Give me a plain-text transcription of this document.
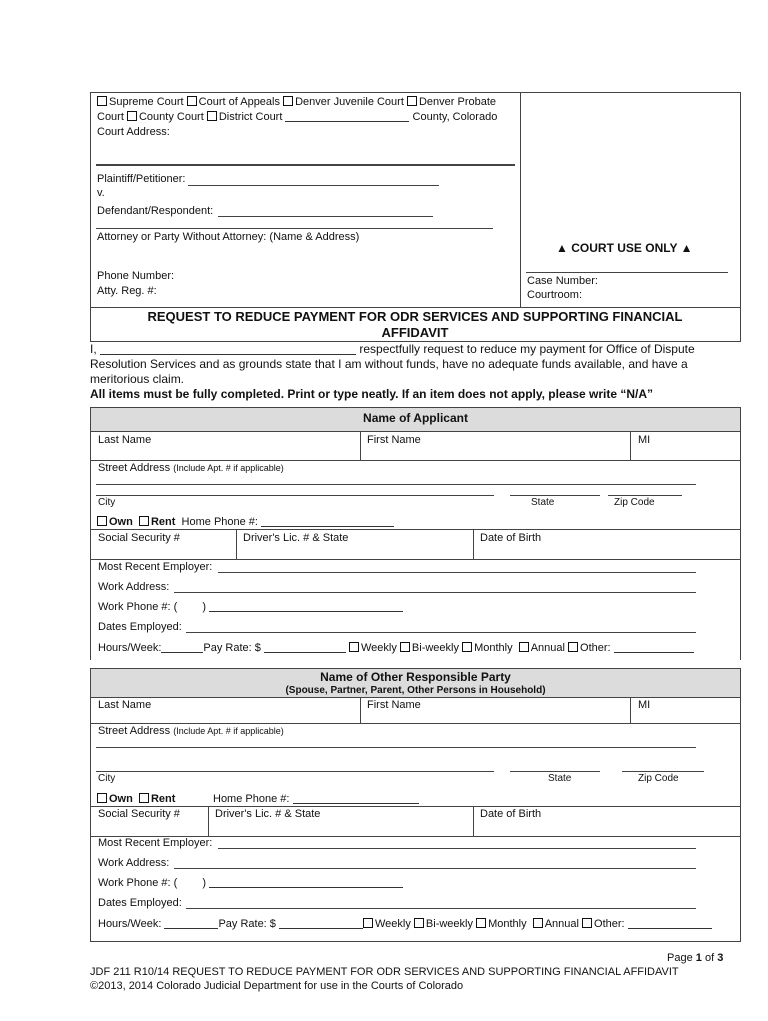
Supreme Court Court of Appeals Denver Juvenile Court Denver Probate
Court County Court District Court	County, Colorado
Court Address:
Plaintiff/Petitioner:
v.
Defendant/Respondent:
Attorney or Party Without Attorney: (Name & Address)
Phone Number:
Atty. Reg. #:
▲ COURT USE ONLY ▲
Case Number:
Courtroom:
REQUEST TO REDUCE PAYMENT FOR ODR SERVICES AND SUPPORTING FINANCIAL AFFIDAVIT
I,	respectfully request to reduce my payment for Office of Dispute
Resolution Services and as grounds state that I am without funds, have no adequate funds available, and have a
meritorious claim.
All items must be fully completed. Print or type neatly. If an item does not apply, please write “N/A”
Name of Applicant
Last Name	First Name	MI
Street Address (Include Apt. # if applicable)
City	State	Zip Code
Own Rent Home Phone #:
Social Security #	Driver's Lic. # & State	Date of Birth
Most Recent Employer:
Work Address:
Work Phone #: ( )
Dates Employed:
Hours/Week:	Pay Rate: $	Weekly Bi-weekly Monthly Annual Other:
Name of Other Responsible Party
(Spouse, Partner, Parent, Other Persons in Household)
Last Name	First Name	MI
Street Address (Include Apt. # if applicable)
City	State	Zip Code
Own Rent	Home Phone #:
Social Security #	Driver's Lic. # & State	Date of Birth
Most Recent Employer:
Work Address:
Work Phone #: ( )
Dates Employed:
Hours/Week:	Pay Rate: $	Weekly Bi-weekly Monthly Annual Other:
Page 1 of 3
JDF 211 R10/14 REQUEST TO REDUCE PAYMENT FOR ODR SERVICES AND SUPPORTING FINANCIAL AFFIDAVIT
©2013, 2014 Colorado Judicial Department for use in the Courts of Colorado
